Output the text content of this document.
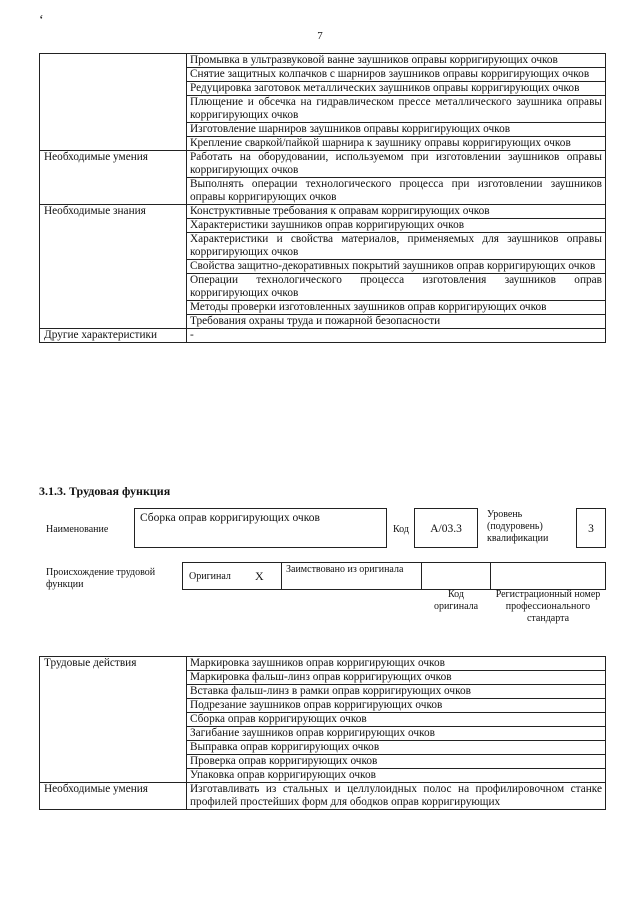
‘
7
	Промывка в ультразвуковой ванне заушников оправы корригирующих очков
	Снятие защитных колпачков с шарниров заушников оправы корригирующих очков
	Редуцировка заготовок металлических заушников оправы корригирующих очков
	Плющение и обсечка на гидравлическом прессе металлического заушника оправы корригирующих очков
	Изготовление шарниров заушников оправы корригирующих очков
	Крепление сваркой/пайкой шарнира к заушнику оправы корригирующих очков
Необходимые умения	Работать на оборудовании, используемом при изготовлении заушников оправы корригирующих очков
	Выполнять операции технологического процесса при изготовлении заушников оправы корригирующих очков
Необходимые знания	Конструктивные требования к оправам корригирующих очков
	Характеристики заушников оправ корригирующих очков
	Характеристики и свойства материалов, применяемых для заушников оправы корригирующих очков
	Свойства защитно-декоративных покрытий заушников оправ корригирующих очков
	Операции технологического процесса изготовления заушников оправ корригирующих очков
	Методы проверки изготовленных заушников оправ корригирующих очков
	Требования охраны труда и пожарной безопасности
Другие характеристики	-
3.1.3. Трудовая функция
Наименование
Сборка оправ корригирующих очков
Код	А/03.3
Уровень (подуровень) квалификации
3
Происхождение трудовой функции
Оригинал X	Заимствовано из оригинала
Код оригинала
Регистрационный номер профессионального стандарта
Трудовые действия	Маркировка заушников оправ корригирующих очков
	Маркировка фальш-линз оправ корригирующих очков
	Вставка фальш-линз в рамки оправ корригирующих очков
	Подрезание заушников оправ корригирующих очков
	Сборка оправ корригирующих очков
	Загибание заушников оправ корригирующих очков
	Выправка оправ корригирующих очков
	Проверка оправ корригирующих очков
	Упаковка оправ корригирующих очков
Необходимые умения	Изготавливать из стальных и целлулоидных полос на профилировочном станке профилей простейших форм для ободков оправ корригирующих
